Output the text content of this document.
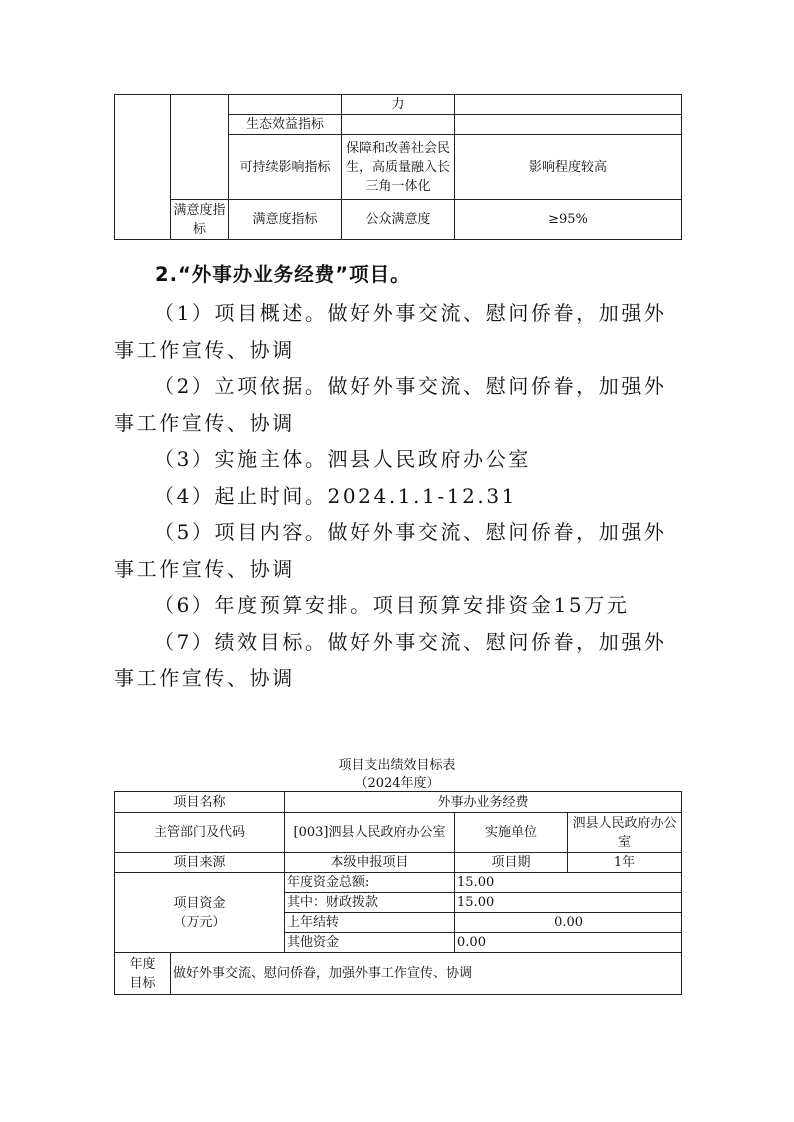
			力	
		生态效益指标		
		可持续影响指标	保障和改善社会民生，高质量融入长三角一体化	影响程度较高
	满意度指标	满意度指标	公众满意度	≥95%
2.“外事办业务经费”项目。

（1）项目概述。做好外事交流、慰问侨眷，加强外事工作宣传、协调

（2）立项依据。做好外事交流、慰问侨眷，加强外事工作宣传、协调

（3）实施主体。泗县人民政府办公室

（4）起止时间。2024.1.1-12.31

（5）项目内容。做好外事交流、慰问侨眷，加强外事工作宣传、协调

（6）年度预算安排。项目预算安排资金15万元

（7）绩效目标。做好外事交流、慰问侨眷，加强外事工作宣传、协调

项目支出绩效目标表
（2024年度）
项目名称		外事办业务经费		
主管部门及代码		[003]泗县人民政府办公室	实施单位	泗县人民政府办公室
项目来源		本级申报项目	项目期	1年

项目资金
（万元）		年度资金总额:	15.00	
		其中：财政拨款	15.00	
		上年结转	0.00	
		其他资金	0.00	
年度目标	做好外事交流、慰问侨眷，加强外事工作宣传、协调			
